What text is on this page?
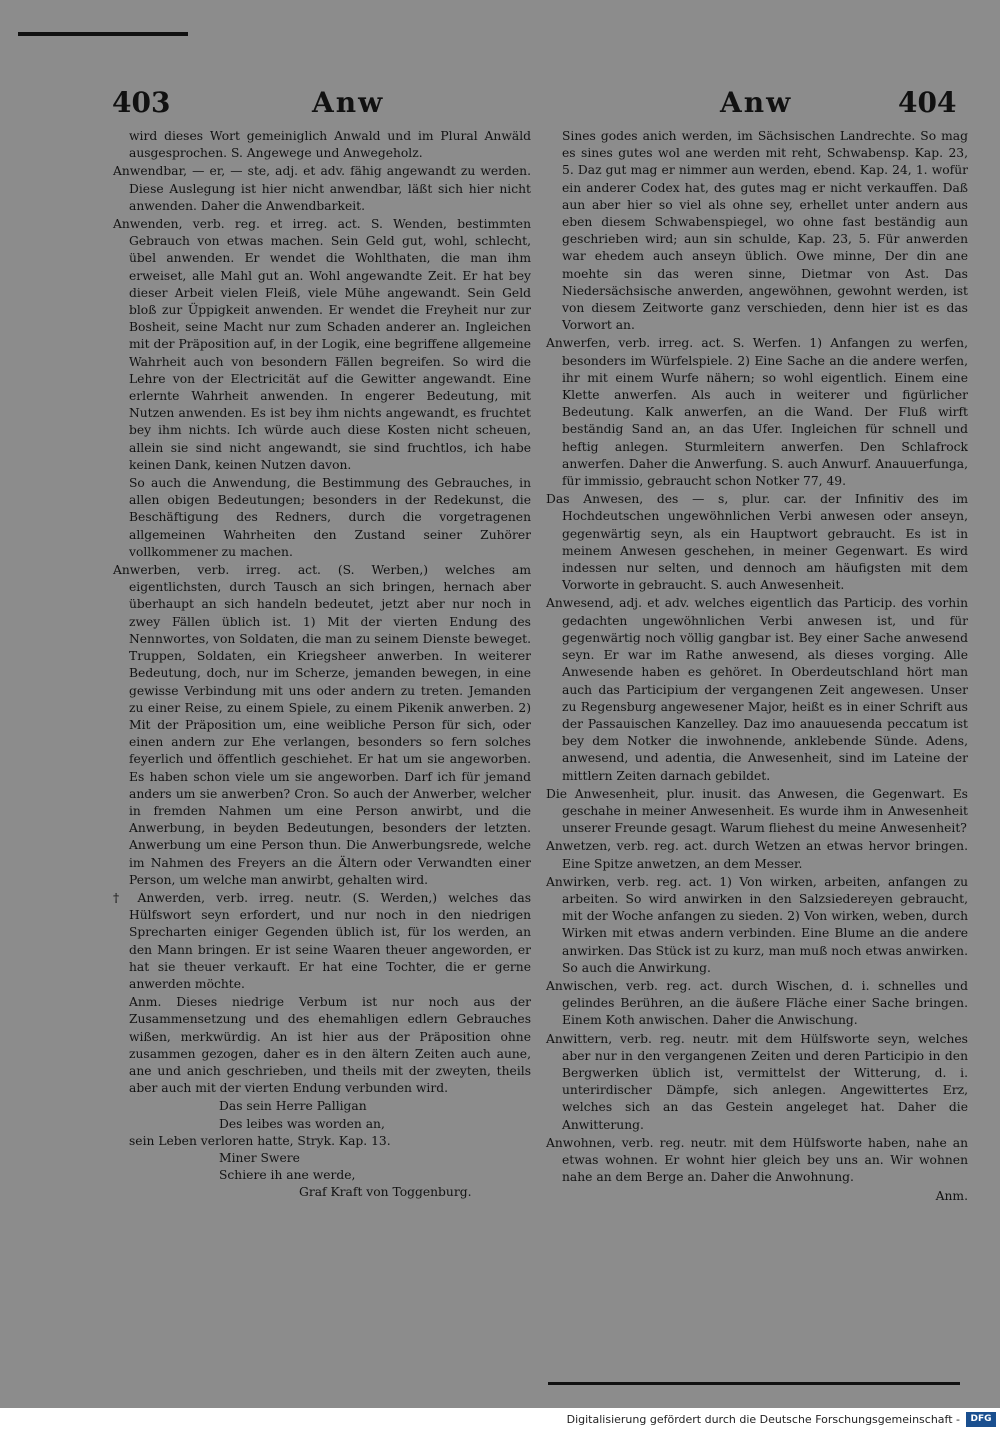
403	Anw	Anw	404

wird dieses Wort gemeiniglich Anwald und im Plural Anwäld ausgesprochen. S. Angewege und Anwegeholz.

Anwendbar, — er, — ste, adj. et adv. fähig angewandt zu werden. Diese Auslegung ist hier nicht anwendbar, läßt sich hier nicht anwenden. Daher die Anwendbarkeit.

Anwenden, verb. reg. et irreg. act. S. Wenden, bestimmten Gebrauch von etwas machen. Sein Geld gut, wohl, schlecht, übel anwenden. Er wendet die Wohlthaten, die man ihm erweiset, alle Mahl gut an. Wohl angewandte Zeit. Er hat bey dieser Arbeit vielen Fleiß, viele Mühe angewandt. Sein Geld bloß zur Üppigkeit anwenden. Er wendet die Freyheit nur zur Bosheit, seine Macht nur zum Schaden anderer an. Ingleichen mit der Präposition auf, in der Logik, eine begriffene allgemeine Wahrheit auch von besondern Fällen begreifen. So wird die Lehre von der Electricität auf die Gewitter angewandt. Eine erlernte Wahrheit anwenden. In engerer Bedeutung, mit Nutzen anwenden. Es ist bey ihm nichts angewandt, es fruchtet bey ihm nichts. Ich würde auch diese Kosten nicht scheuen, allein sie sind nicht angewandt, sie sind fruchtlos, ich habe keinen Dank, keinen Nutzen davon.

So auch die Anwendung, die Bestimmung des Gebrauches, in allen obigen Bedeutungen; besonders in der Redekunst, die Beschäftigung des Redners, durch die vorgetragenen allgemeinen Wahrheiten den Zustand seiner Zuhörer vollkommener zu machen.

Anwerben, verb. irreg. act. (S. Werben,) welches am eigentlichsten, durch Tausch an sich bringen, hernach aber überhaupt an sich handeln bedeutet, jetzt aber nur noch in zwey Fällen üblich ist. 1) Mit der vierten Endung des Nennwortes, von Soldaten, die man zu seinem Dienste beweget. Truppen, Soldaten, ein Kriegsheer anwerben. In weiterer Bedeutung, doch, nur im Scherze, jemanden bewegen, in eine gewisse Verbindung mit uns oder andern zu treten. Jemanden zu einer Reise, zu einem Spiele, zu einem Pikenik anwerben. 2) Mit der Präposition um, eine weibliche Person für sich, oder einen andern zur Ehe verlangen, besonders so fern solches feyerlich und öffentlich geschiehet. Er hat um sie angeworben. Es haben schon viele um sie angeworben. Darf ich für jemand anders um sie anwerben? Cron. So auch der Anwerber, welcher in fremden Nahmen um eine Person anwirbt, und die Anwerbung, in beyden Bedeutungen, besonders der letzten. Anwerbung um eine Person thun. Die Anwerbungsrede, welche im Nahmen des Freyers an die Ältern oder Verwandten einer Person, um welche man anwirbt, gehalten wird.

† Anwerden, verb. irreg. neutr. (S. Werden,) welches das Hülfswort seyn erfordert, und nur noch in den niedrigen Sprecharten einiger Gegenden üblich ist, für los werden, an den Mann bringen. Er ist seine Waaren theuer angeworden, er hat sie theuer verkauft. Er hat eine Tochter, die er gerne anwerden möchte.

Anm. Dieses niedrige Verbum ist nur noch aus der Zusammensetzung und des ehemahligen edlern Gebrauches wißen, merkwürdig. An ist hier aus der Präposition ohne zusammen gezogen, daher es in den ältern Zeiten auch aune, ane und anich geschrieben, und theils mit der zweyten, theils aber auch mit der vierten Endung verbunden wird.

Das sein Herre Palligan
Des leibes was worden an,
sein Leben verloren hatte, Stryk. Kap. 13.
Miner Swere
Schiere ih ane werde,
Graf Kraft von Toggenburg.

Sines godes anich werden, im Sächsischen Landrechte. So mag es sines gutes wol ane werden mit reht, Schwabensp. Kap. 23, 5. Daz gut mag er nimmer aun werden, ebend. Kap. 24, 1. wofür ein anderer Codex hat, des gutes mag er nicht verkauffen. Daß aun aber hier so viel als ohne sey, erhellet unter andern aus eben diesem Schwabenspiegel, wo ohne fast beständig aun geschrieben wird; aun sin schulde, Kap. 23, 5. Für anwerden war ehedem auch anseyn üblich. Owe minne, Der din ane moehte sin das weren sinne, Dietmar von Ast. Das Niedersächsische anwerden, angewöhnen, gewohnt werden, ist von diesem Zeitworte ganz verschieden, denn hier ist es das Vorwort an.

Anwerfen, verb. irreg. act. S. Werfen. 1) Anfangen zu werfen, besonders im Würfelspiele. 2) Eine Sache an die andere werfen, ihr mit einem Wurfe nähern; so wohl eigentlich. Einem eine Klette anwerfen. Als auch in weiterer und figürlicher Bedeutung. Kalk anwerfen, an die Wand. Der Fluß wirft beständig Sand an, an das Ufer. Ingleichen für schnell und heftig anlegen. Sturmleitern anwerfen. Den Schlafrock anwerfen. Daher die Anwerfung. S. auch Anwurf. Anauuerfunga, für immissio, gebraucht schon Notker 77, 49.

Das Anwesen, des — s, plur. car. der Infinitiv des im Hochdeutschen ungewöhnlichen Verbi anwesen oder anseyn, gegenwärtig seyn, als ein Hauptwort gebraucht. Es ist in meinem Anwesen geschehen, in meiner Gegenwart. Es wird indessen nur selten, und dennoch am häufigsten mit dem Vorworte in gebraucht. S. auch Anwesenheit.

Anwesend, adj. et adv. welches eigentlich das Particip. des vorhin gedachten ungewöhnlichen Verbi anwesen ist, und für gegenwärtig noch völlig gangbar ist. Bey einer Sache anwesend seyn. Er war im Rathe anwesend, als dieses vorging. Alle Anwesende haben es gehöret. In Oberdeutschland hört man auch das Participium der vergangenen Zeit angewesen. Unser zu Regensburg angewesener Major, heißt es in einer Schrift aus der Passauischen Kanzelley. Daz imo anauuesenda peccatum ist bey dem Notker die inwohnende, anklebende Sünde. Adens, anwesend, und adentia, die Anwesenheit, sind im Lateine der mittlern Zeiten darnach gebildet.

Die Anwesenheit, plur. inusit. das Anwesen, die Gegenwart. Es geschahe in meiner Anwesenheit. Es wurde ihm in Anwesenheit unserer Freunde gesagt. Warum fliehest du meine Anwesenheit?

Anwetzen, verb. reg. act. durch Wetzen an etwas hervor bringen. Eine Spitze anwetzen, an dem Messer.

Anwirken, verb. reg. act. 1) Von wirken, arbeiten, anfangen zu arbeiten. So wird anwirken in den Salzsiedereyen gebraucht, mit der Woche anfangen zu sieden. 2) Von wirken, weben, durch Wirken mit etwas andern verbinden. Eine Blume an die andere anwirken. Das Stück ist zu kurz, man muß noch etwas anwirken. So auch die Anwirkung.

Anwischen, verb. reg. act. durch Wischen, d. i. schnelles und gelindes Berühren, an die äußere Fläche einer Sache bringen. Einem Koth anwischen. Daher die Anwischung.

Anwittern, verb. reg. neutr. mit dem Hülfsworte seyn, welches aber nur in den vergangenen Zeiten und deren Participio in den Bergwerken üblich ist, vermittelst der Witterung, d. i. unterirdischer Dämpfe, sich anlegen. Angewittertes Erz, welches sich an das Gestein angeleget hat. Daher die Anwitterung.

Anwohnen, verb. reg. neutr. mit dem Hülfsworte haben, nahe an etwas wohnen. Er wohnt hier gleich bey uns an. Wir wohnen nahe an dem Berge an. Daher die Anwohnung.

Anm.
Digitalisierung gefördert durch die Deutsche Forschungsgemeinschaft -	DFG
